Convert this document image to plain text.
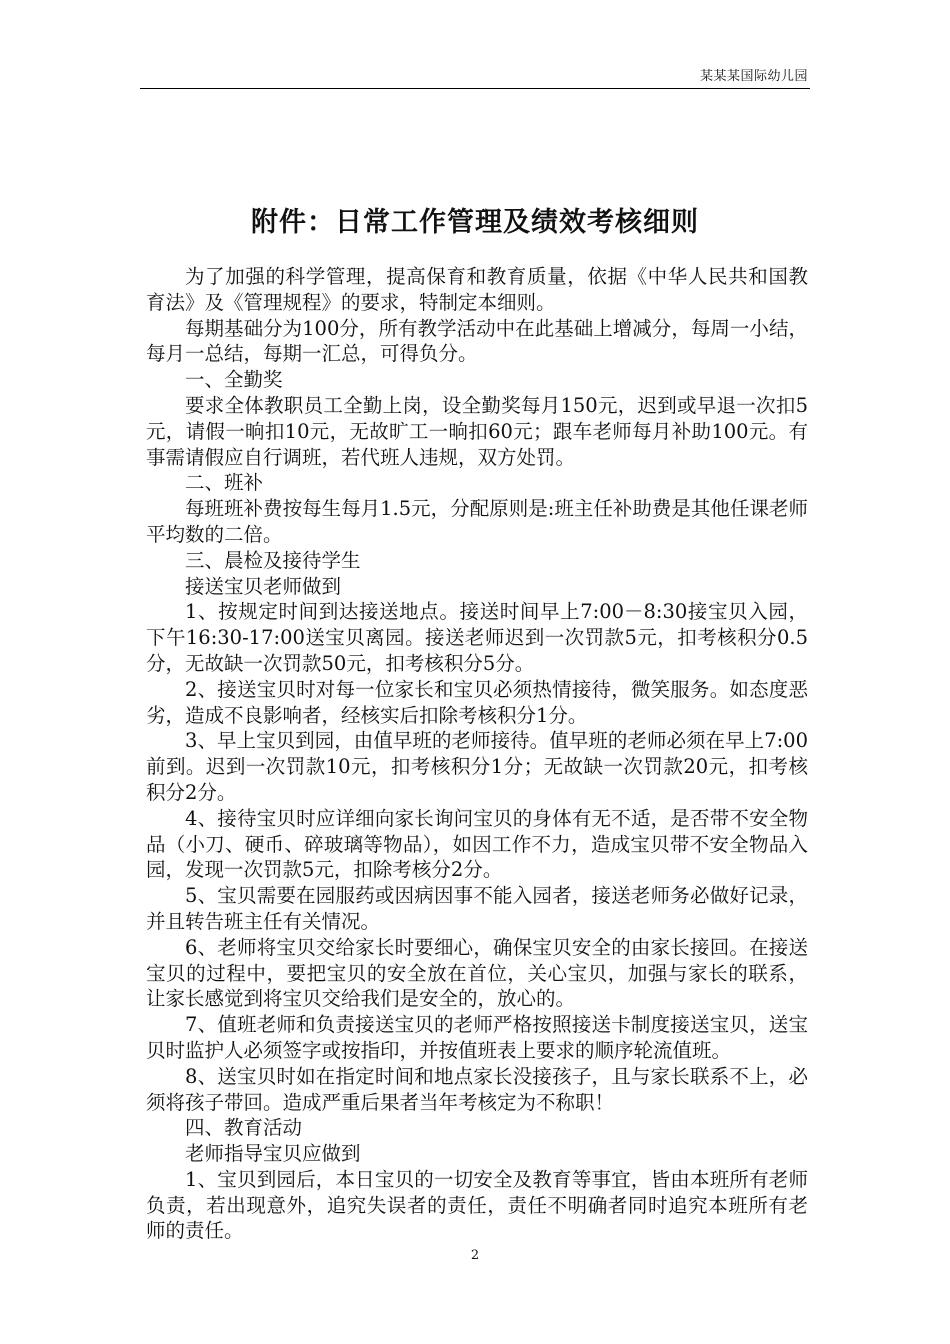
某某某国际幼儿园
附件：日常工作管理及绩效考核细则

为了加强的科学管理，提高保育和教育质量，依据《中华人民共和国教育法》及《管理规程》的要求，特制定本细则。

每期基础分为100分，所有教学活动中在此基础上增减分，每周一小结，每月一总结，每期一汇总，可得负分。

一、全勤奖

要求全体教职员工全勤上岗，设全勤奖每月150元，迟到或早退一次扣5元，请假一晌扣10元，无故旷工一晌扣60元；跟车老师每月补助100元。有事需请假应自行调班，若代班人违规，双方处罚。

二、班补

每班班补费按每生每月1.5元，分配原则是:班主任补助费是其他任课老师平均数的二倍。

三、晨检及接待学生

接送宝贝老师做到

1、按规定时间到达接送地点。接送时间早上7:00－8:30接宝贝入园，下午16:30-17:00送宝贝离园。接送老师迟到一次罚款5元，扣考核积分0.5分，无故缺一次罚款50元，扣考核积分5分。

2、接送宝贝时对每一位家长和宝贝必须热情接待，微笑服务。如态度恶劣，造成不良影响者，经核实后扣除考核积分1分。

3、早上宝贝到园，由值早班的老师接待。值早班的老师必须在早上7:00前到。迟到一次罚款10元，扣考核积分1分；无故缺一次罚款20元，扣考核积分2分。

4、接待宝贝时应详细向家长询问宝贝的身体有无不适，是否带不安全物品（小刀、硬币、碎玻璃等物品），如因工作不力，造成宝贝带不安全物品入园，发现一次罚款5元，扣除考核分2分。

5、宝贝需要在园服药或因病因事不能入园者，接送老师务必做好记录，并且转告班主任有关情况。

6、老师将宝贝交给家长时要细心，确保宝贝安全的由家长接回。在接送宝贝的过程中，要把宝贝的安全放在首位，关心宝贝，加强与家长的联系，让家长感觉到将宝贝交给我们是安全的，放心的。

7、值班老师和负责接送宝贝的老师严格按照接送卡制度接送宝贝，送宝贝时监护人必须签字或按指印，并按值班表上要求的顺序轮流值班。

8、送宝贝时如在指定时间和地点家长没接孩子，且与家长联系不上，必须将孩子带回。造成严重后果者当年考核定为不称职！

四、教育活动

老师指导宝贝应做到

1、宝贝到园后，本日宝贝的一切安全及教育等事宜，皆由本班所有老师负责，若出现意外，追究失误者的责任，责任不明确者同时追究本班所有老师的责任。

2
